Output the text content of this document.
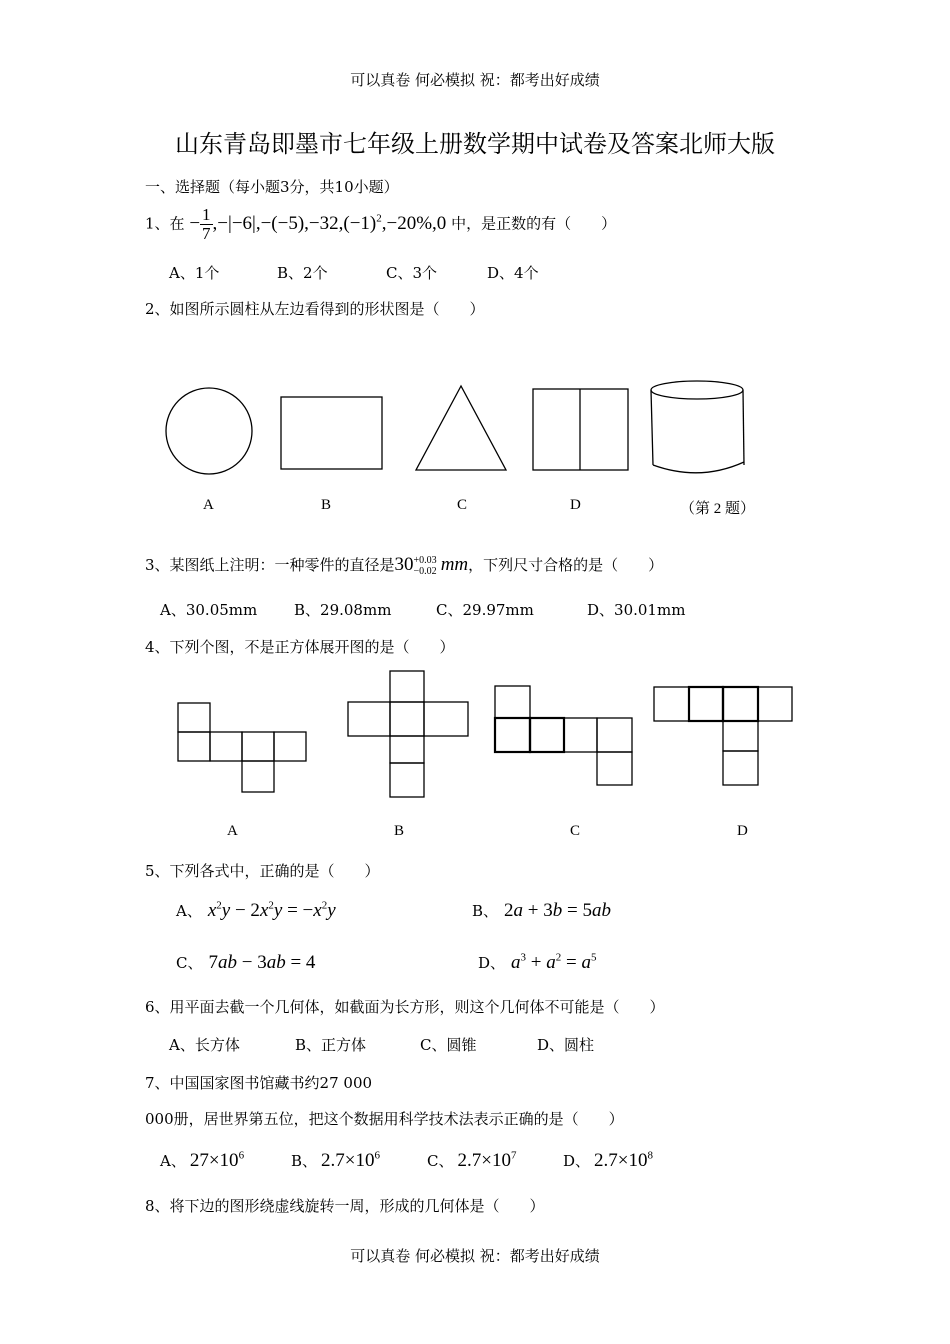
可以真卷 何必模拟 祝：都考出好成绩
山东青岛即墨市七年级上册数学期中试卷及答案北师大版
一、选择题（每小题3分，共10小题）
1、在 − $\frac{1}{7} ,-|-6|,-(-5),-32,(-1)^2,-20\%,0$ 中，是正数的有（　　）
A、1个	B、2个	C、3个	D、4个
2、如图所示圆柱从左边看得到的形状图是（　　）
A	B	C	D	（第 2 题）
3、某图纸上注明：一种零件的直径是30 +0.03
−0.02 mm，下列尺寸合格的是（　　）
A、30.05mm B、29.08mm	C、29.97mm	D、30.01mm
4、下列个图，不是正方体展开图的是（　　）
A	B	C	D
5、下列各式中，正确的是（　　）
A、 $x^2y - 2x^2y = -x^2y$	B、 2a + 3b = 5ab
C、 7ab − 3ab = 4	D、 $a^3 + a^2 = a^5$
6、用平面去截一个几何体，如截面为长方形，则这个几何体不可能是（　　）
A、长方体	B、正方体	C、圆锥	D、圆柱
7、中国国家图书馆藏书约27 000
000册，居世界第五位，把这个数据用科学技术法表示正确的是（　　）
A、 $27\times 10^6$	B、 $2.7\times 10^6$	C、 $2.7\times 10^7$	D、 $2.7\times 10^8$
8、将下边的图形绕虚线旋转一周，形成的几何体是（　　）
可以真卷 何必模拟 祝：都考出好成绩
